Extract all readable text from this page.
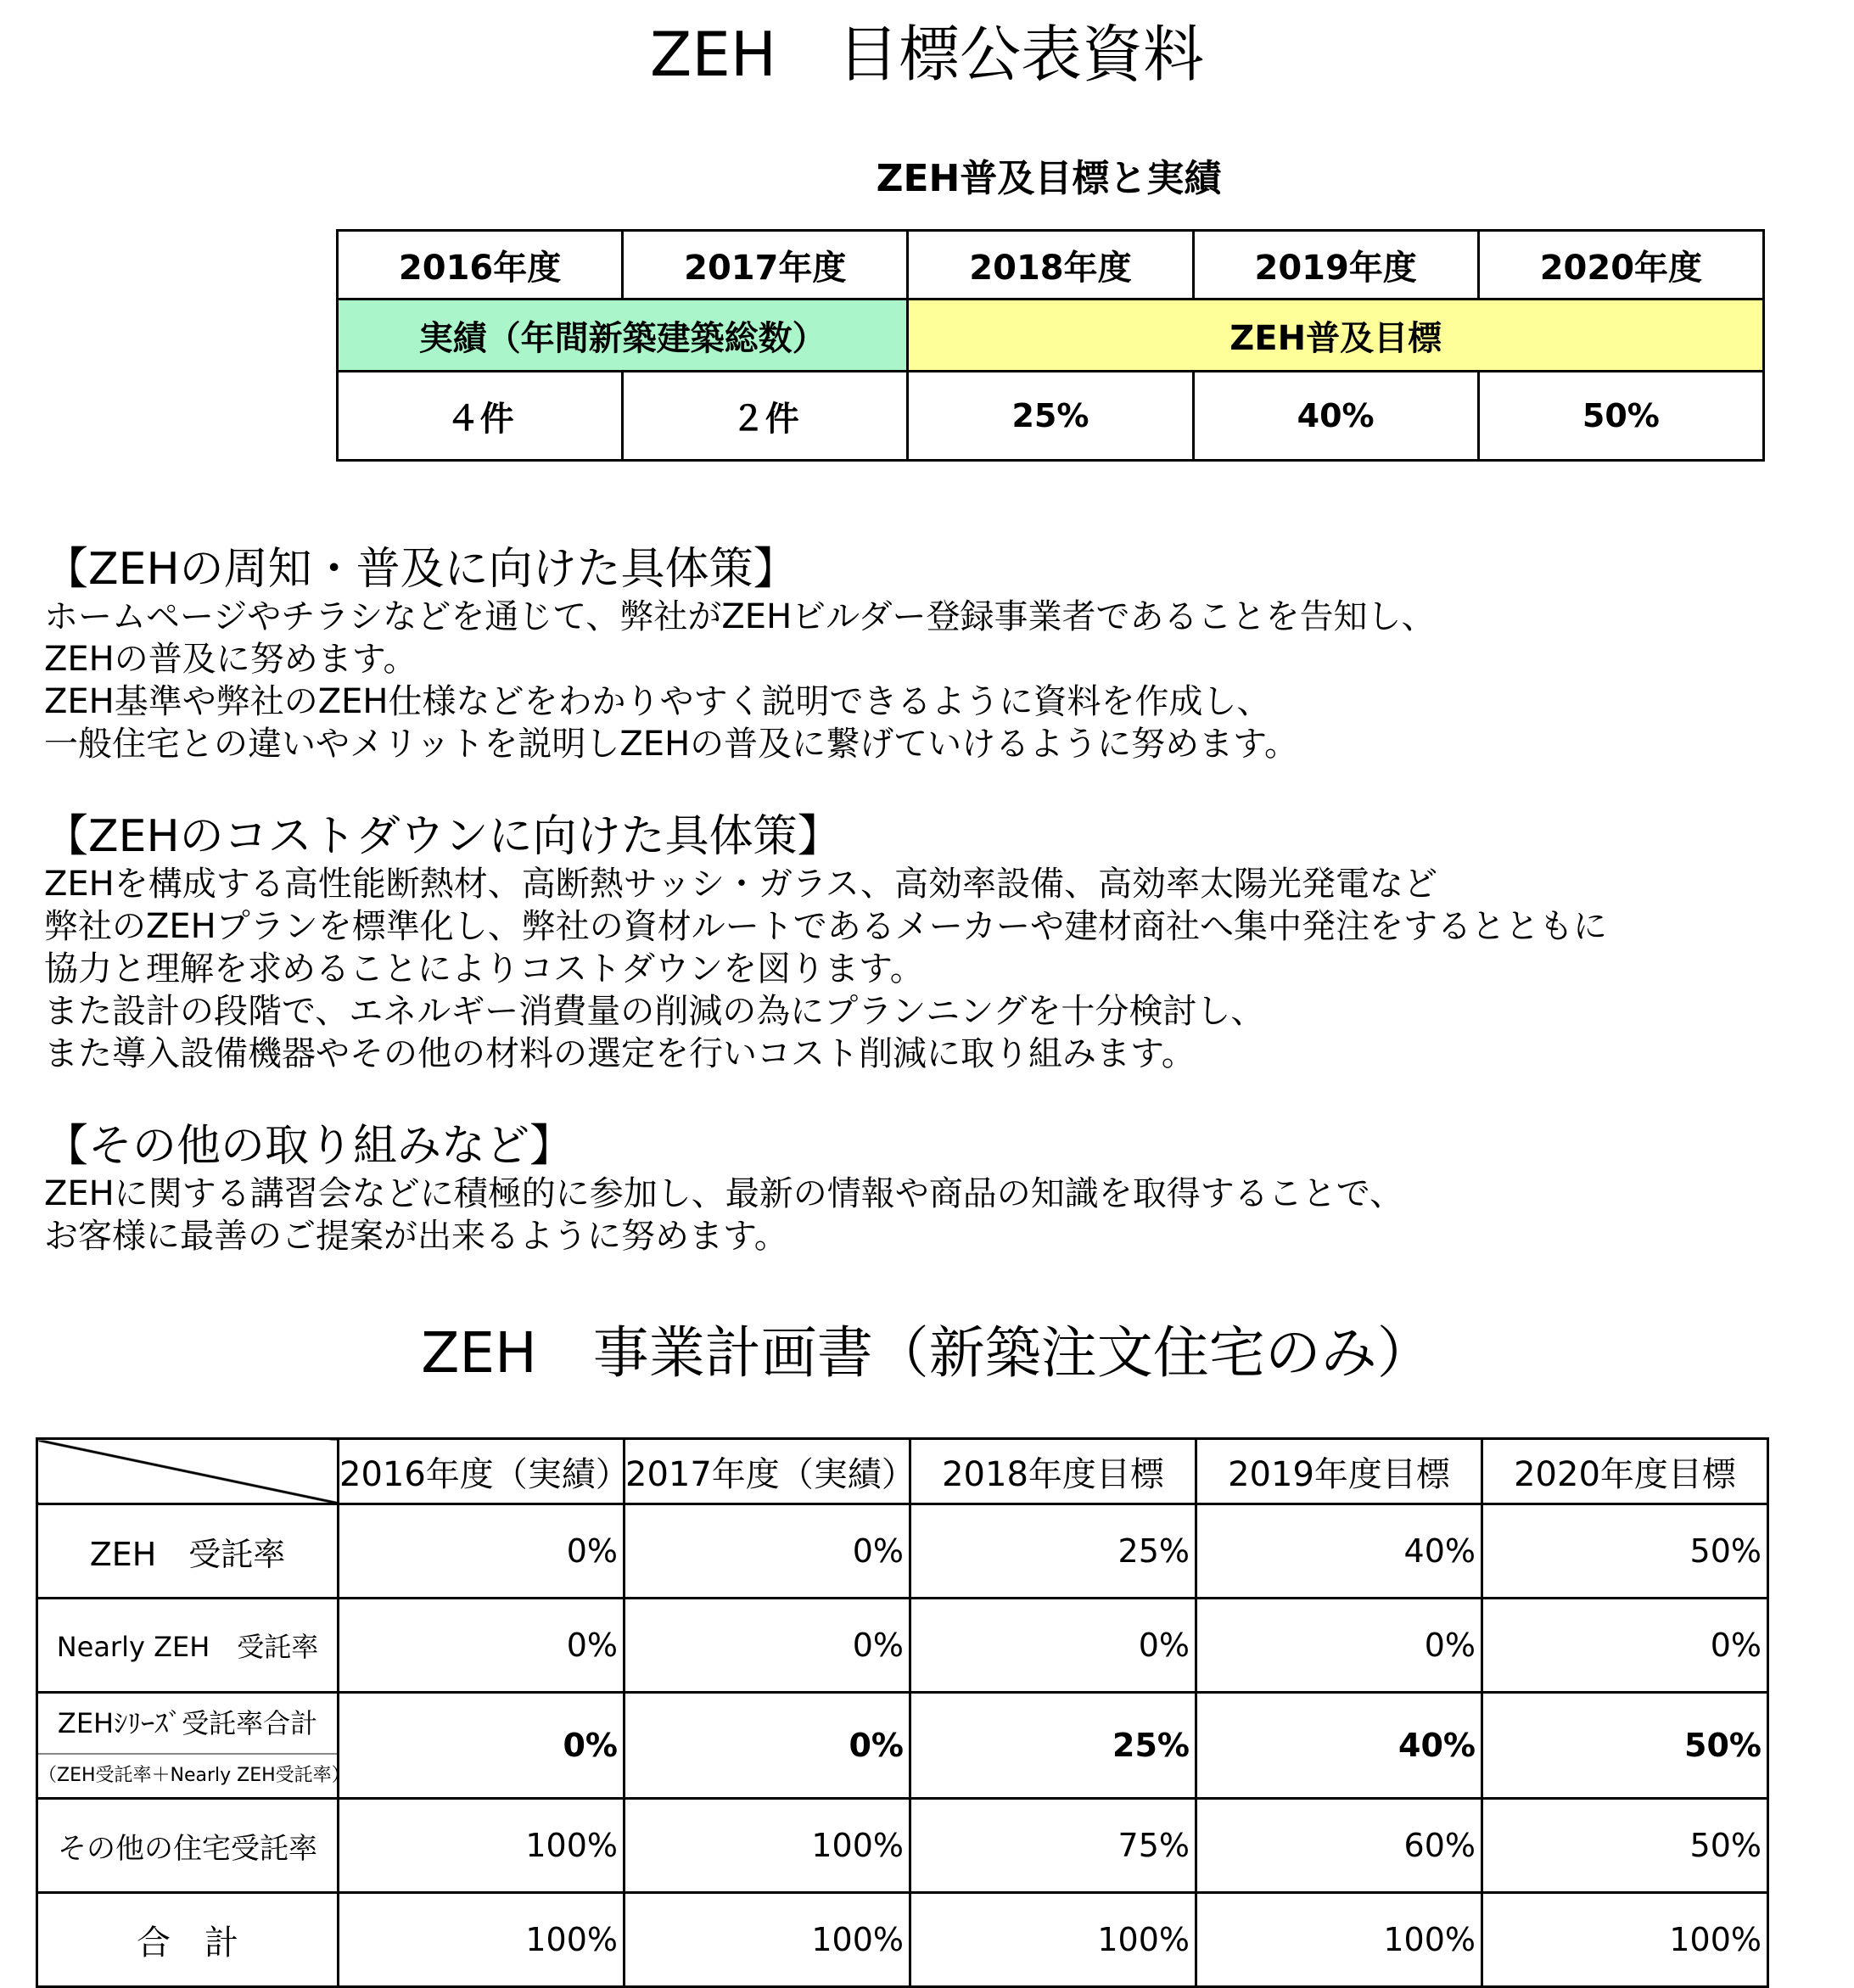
ZEH　目標公表資料
ZEH普及目標と実績
2016年度	2017年度	2018年度	2019年度	2020年度
実績（年間新築建築総数）		ZEH普及目標		
４件	２件	25%	40%	50%
【ZEHの周知・普及に向けた具体策】
ホームページやチラシなどを通じて、弊社がZEHビルダー登録事業者であることを告知し、
ZEHの普及に努めます。
ZEH基準や弊社のZEH仕様などをわかりやすく説明できるように資料を作成し、
一般住宅との違いやメリットを説明しZEHの普及に繋げていけるように努めます。
【ZEHのコストダウンに向けた具体策】
ZEHを構成する高性能断熱材、高断熱サッシ・ガラス、高効率設備、高効率太陽光発電など
弊社のZEHプランを標準化し、弊社の資材ルートであるメーカーや建材商社へ集中発注をするとともに
協力と理解を求めることによりコストダウンを図ります。
また設計の段階で、エネルギー消費量の削減の為にプランニングを十分検討し、
また導入設備機器やその他の材料の選定を行いコスト削減に取り組みます。
【その他の取り組みなど】
ZEHに関する講習会などに積極的に参加し、最新の情報や商品の知識を取得することで、
お客様に最善のご提案が出来るように努めます。
ZEH　事業計画書（新築注文住宅のみ）
	2016年度（実績）	2017年度（実績）	2018年度目標	2019年度目標	2020年度目標
ZEH　受託率	0%	0%	25%	40%	50%
Nearly ZEH　受託率	0%	0%	0%	0%	0%

ZEHｼﾘｰｽﾞ受託率合計
（ZEH受託率＋Nearly ZEH受託率）	0%	0%	25%	40%	50%
その他の住宅受託率	100%	100%	75%	60%	50%
合　計	100%	100%	100%	100%	100%
